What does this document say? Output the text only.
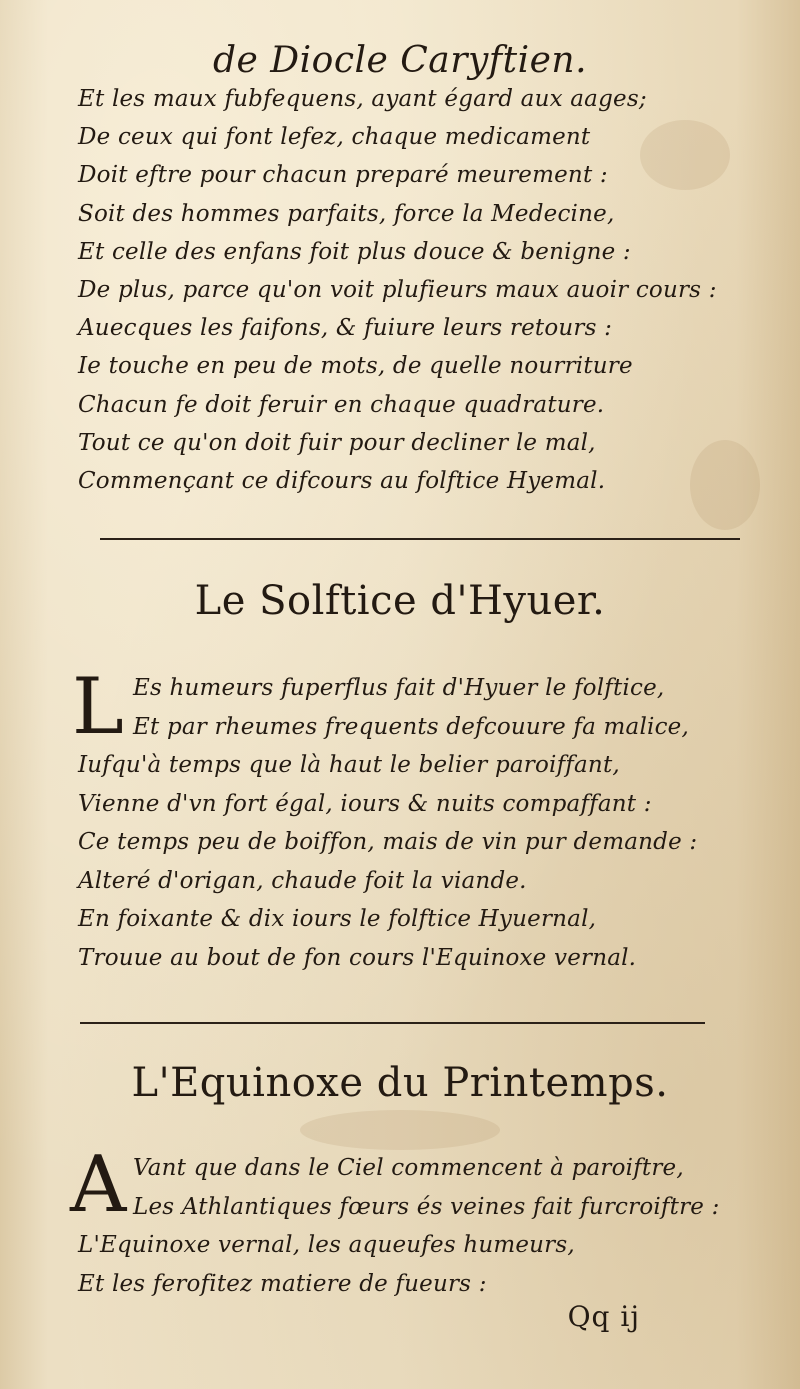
de Diocle Caryftien.
Et les maux fubfequens, ayant égard aux aages;
De ceux qui font lefez, chaque medicament
Doit eftre pour chacun preparé meurement :
Soit des hommes parfaits, force la Medecine,
Et celle des enfans foit plus douce & benigne :
De plus, parce qu'on voit plufieurs maux auoir cours :
Auecques les faifons, & fuiure leurs retours :
Ie touche en peu de mots, de quelle nourriture
Chacun fe doit feruir en chaque quadrature.
Tout ce qu'on doit fuir pour decliner le mal,
Commençant ce difcours au folftice Hyemal.
Le Solftice d'Hyuer.
L Es humeurs fuperflus fait d'Hyuer le folftice,
Et par rheumes frequents defcouure fa malice,
Iufqu'à temps que là haut le belier paroiffant,
Vienne d'vn fort égal, iours & nuits compaffant :
Ce temps peu de boiffon, mais de vin pur demande :
Alteré d'origan, chaude foit la viande.
En foixante & dix iours le folftice Hyuernal,
Trouue au bout de fon cours l'Equinoxe vernal.
L'Equinoxe du Printemps.
A Vant que dans le Ciel commencent à paroiftre,
Les Athlantiques fœurs és veines fait furcroiftre :
L'Equinoxe vernal, les aqueufes humeurs,
Et les ferofitez matiere de fueurs :
Qq ij
